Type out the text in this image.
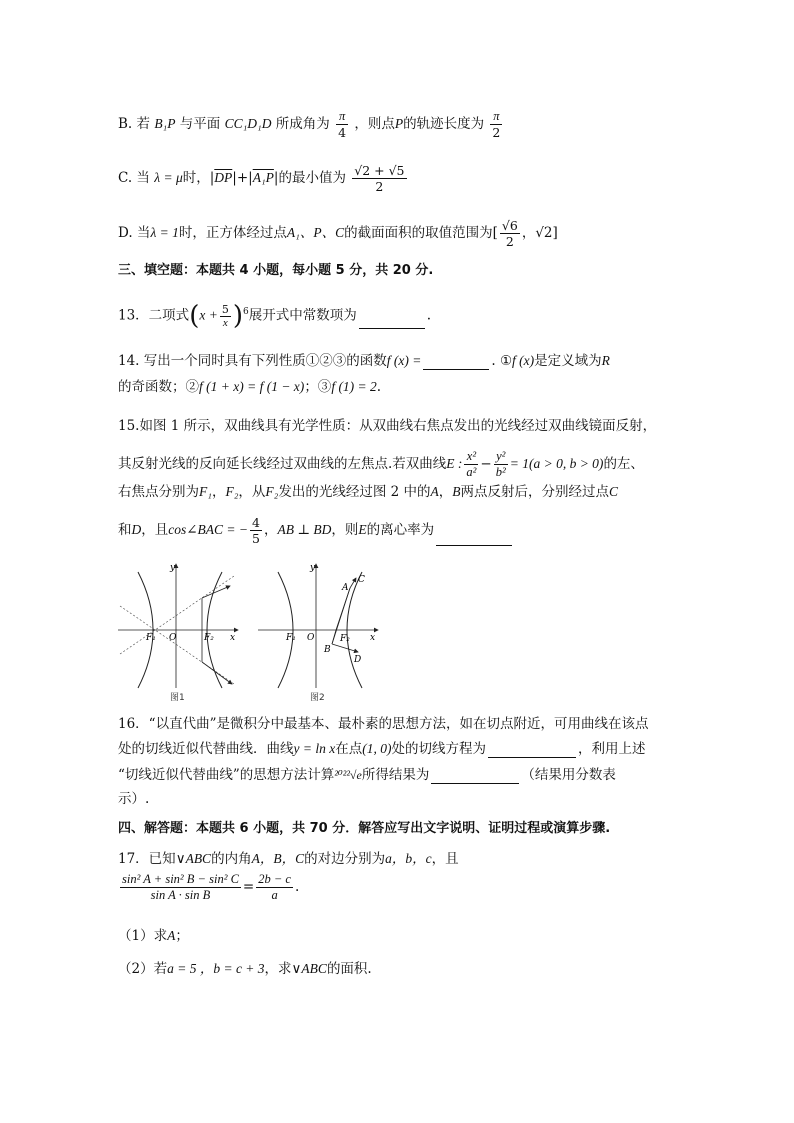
B. 若 B₁P 与平面 CC₁D₁D 所成角为 $\frac{\pi}{4}$ ，则点P的轨迹长度为 $\frac{\pi}{2}$
C. 当 λ = μ时，$|\overline{DP}|+|A_1P|$的最小值为 $\frac{√2 + √5}{2}$
D. 当λ = 1时，正方体经过点A₁、P、C的截面面积的取值范围为[ $\frac{√6}{2}$ ，√2]
三、填空题：本题共 4 小题，每小题 5 分，共 20 分.
13．二项式$(x + \frac{5}{x} )^6$展开式中常数项为	.
14. 写出一个同时具有下列性质①②③的函数f (x) =	. ①f (x)是定义域为R
的奇函数；②f (1 + x) = f (1 − x)；③f (1) = 2.
15.如图 1 所示，双曲线具有光学性质：从双曲线右焦点发出的光线经过双曲线镜面反射，
其反射光线的反向延长线经过双曲线的左焦点.若双曲线E : $\frac{\text{x²}}{\text{a²}} - \frac{\text{y²}}{\text{b²}} = 1(a > 0$, b > 0)的左、
右焦点分别为F₁，F₂，从F₂发出的光线经过图 2 中的A，B两点反射后，分别经过点C
和D，且cos∠BAC = − $\frac{4}{5}$ ，AB ⊥ BD，则E的离心率为
y
x
O
F₁	F₂
图1
y
x
O
F₁	F₂
A
C
B
D
图2
16．“以直代曲”是微积分中最基本、最朴素的思想方法，如在切点附近，可用曲线在该点
处的切线近似代替曲线．曲线y = ln x在点(1, 0)处的切线方程为	，利用上述
“切线近似代替曲线”的思想方法计算²⁰²²√e所得结果为	（结果用分数表
示）.
四、解答题：本题共 6 小题，共 70 分．解答应写出文字说明、证明过程或演算步骤.
17．已知∨ABC的内角A，B，C的对边分别为a，b，c，且
$\frac{\text{sin² A + sin² B − sin² C}}{\text{sin A · sin B}} = \frac{2b - c}{a}$ .
（1）求A；
（2）若a = 5 ，b = c + 3，求∨ABC的面积.
